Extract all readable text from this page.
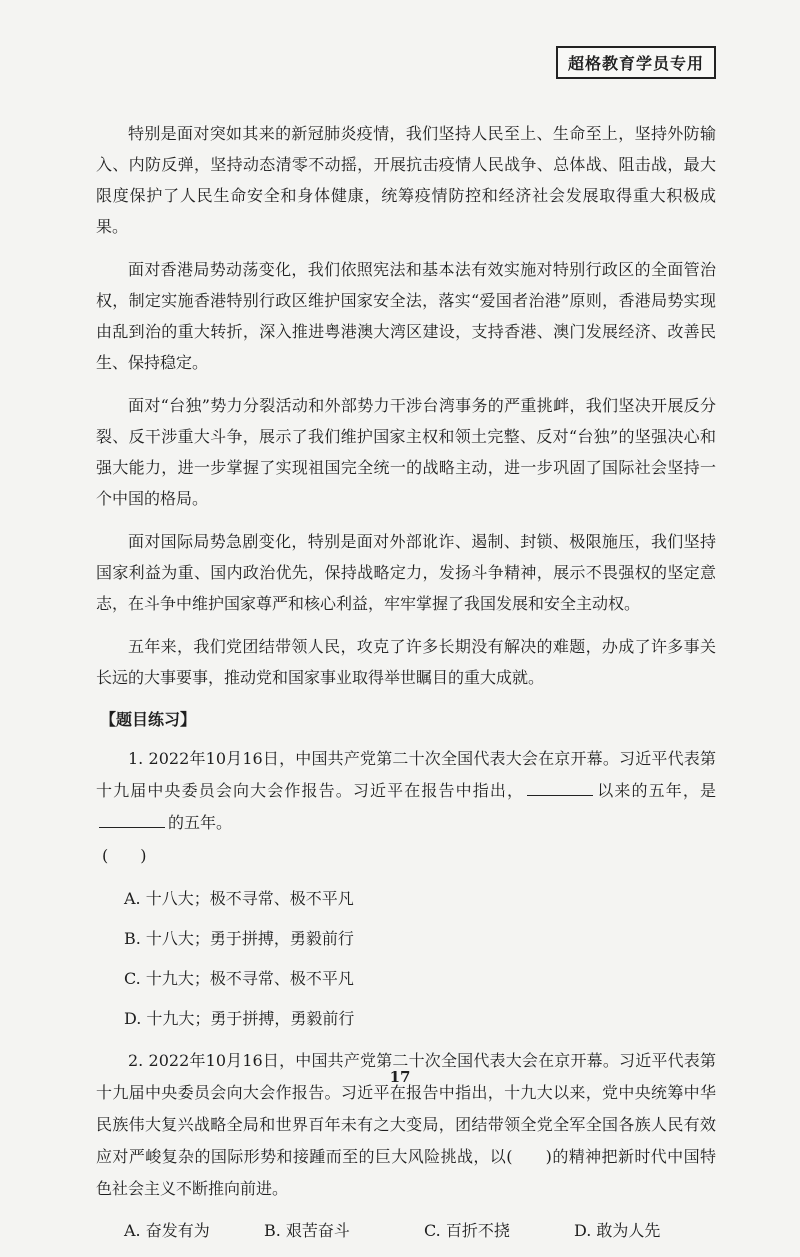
超格教育学员专用

特别是面对突如其来的新冠肺炎疫情，我们坚持人民至上、生命至上，坚持外防输入、内防反弹，坚持动态清零不动摇，开展抗击疫情人民战争、总体战、阻击战，最大限度保护了人民生命安全和身体健康，统筹疫情防控和经济社会发展取得重大积极成果。

面对香港局势动荡变化，我们依照宪法和基本法有效实施对特别行政区的全面管治权，制定实施香港特别行政区维护国家安全法，落实“爱国者治港”原则，香港局势实现由乱到治的重大转折，深入推进粤港澳大湾区建设，支持香港、澳门发展经济、改善民生、保持稳定。

面对“台独”势力分裂活动和外部势力干涉台湾事务的严重挑衅，我们坚决开展反分裂、反干涉重大斗争，展示了我们维护国家主权和领土完整、反对“台独”的坚强决心和强大能力，进一步掌握了实现祖国完全统一的战略主动，进一步巩固了国际社会坚持一个中国的格局。

面对国际局势急剧变化，特别是面对外部讹诈、遏制、封锁、极限施压，我们坚持国家利益为重、国内政治优先，保持战略定力，发扬斗争精神，展示不畏强权的坚定意志，在斗争中维护国家尊严和核心利益，牢牢掌握了我国发展和安全主动权。

五年来，我们党团结带领人民，攻克了许多长期没有解决的难题，办成了许多事关长远的大事要事，推动党和国家事业取得举世瞩目的重大成就。

【题目练习】

1. 2022年10月16日，中国共产党第二十次全国代表大会在京开幕。习近平代表第十九届中央委员会向大会作报告。习近平在报告中指出，	以来的五年，是的五年。

(　　)
A. 十八大；极不寻常、极不平凡
B. 十八大；勇于拼搏，勇毅前行
C. 十九大；极不寻常、极不平凡
D. 十九大；勇于拼搏，勇毅前行

2. 2022年10月16日，中国共产党第二十次全国代表大会在京开幕。习近平代表第十九届中央委员会向大会作报告。习近平在报告中指出，十九大以来，党中央统筹中华民族伟大复兴战略全局和世界百年未有之大变局，团结带领全党全军全国各族人民有效应对严峻复杂的国际形势和接踵而至的巨大风险挑战，以(　　)的精神把新时代中国特色社会主义不断推向前进。

A. 奋发有为	B. 艰苦奋斗	C. 百折不挠	D. 敢为人先
17
